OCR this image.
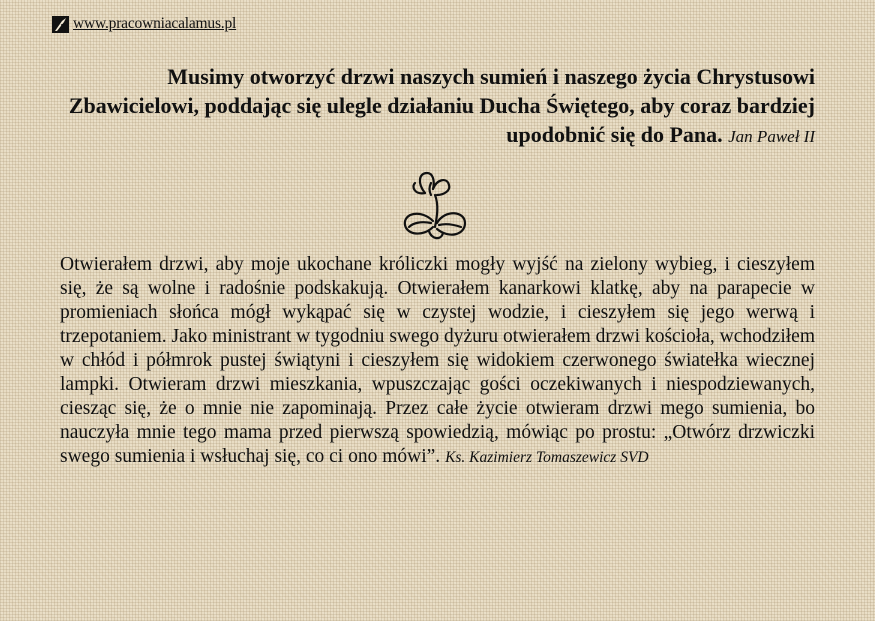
www.pracowniacalamus.pl
Musimy otworzyć drzwi naszych sumień i naszego życia Chrystusowi Zbawicielowi, poddając się ulegle działaniu Ducha Świętego, aby coraz bardziej upodobnić się do Pana. Jan Paweł II
Otwierałem drzwi, aby moje ukochane króliczki mogły wyjść na zielony wybieg, i cieszyłem się, że są wolne i radośnie podskakują. Otwierałem kanarkowi klatkę, aby na parapecie w promieniach słońca mógł wykąpać się w czystej wodzie, i cieszyłem się jego werwą i trzepotaniem. Jako ministrant w tygodniu swego dyżuru otwierałem drzwi kościoła, wchodziłem w chłód i półmrok pustej świątyni i cieszyłem się widokiem czerwonego światełka wiecznej lampki. Otwieram drzwi mieszkania, wpuszczając gości oczekiwanych i niespodziewanych, ciesząc się, że o mnie nie zapominają. Przez całe życie otwieram drzwi mego sumienia, bo nauczyła mnie tego mama przed pierwszą spowiedzią, mówiąc po prostu: „Otwórz drzwiczki swego sumienia i wsłuchaj się, co ci ono mówi”. Ks. Kazimierz Tomaszewicz SVD
